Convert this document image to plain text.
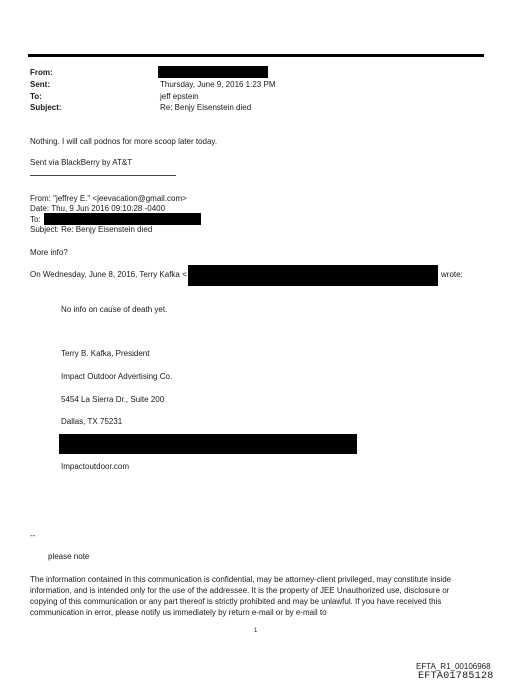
From:
Sent:
To:
Subject:
Thursday, June 9, 2016 1:23 PM
jeff epstein
Re: Benjy Eisenstein died
Nothing. I will call podnos for more scoop later today.
Sent via BlackBerry by AT&T
From: "jeffrey E." <jeevacation@gmail.com>
Date: Thu, 9 Jun 2016 09:10:28 -0400
To:
Subject: Re: Benjy Eisenstein died
More info?
On Wednesday, June 8, 2016, Terry Kafka <	wrote:
No info on cause of death yet.
Terry B. Kafka, President
Impact Outdoor Advertising Co.
5454 La Sierra Dr., Suite 200
Dallas, TX 75231
Impactoutdoor.com
--
please note
The information contained in this communication is confidential, may be attorney-client privileged, may constitute inside information, and is intended only for the use of the addressee. It is the property of JEE Unauthorized use, disclosure or copying of this communication or any part thereof is strictly prohibited and may be unlawful. If you have received this communication in error, please notify us immediately by return e-mail or by e-mail to
1
EFTA_R1_00106968
EFTA01785128
